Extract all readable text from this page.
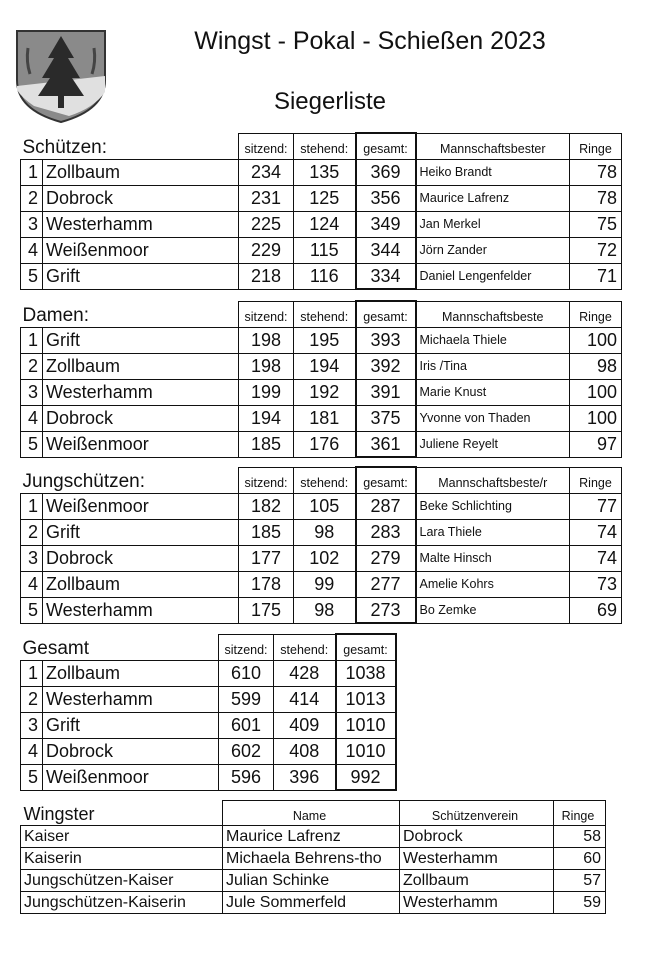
Wingst - Pokal - Schießen 2023
Siegerliste
Schützen:		sitzend:	stehend:	gesamt:	Mannschaftsbester	Ringe
1	Zollbaum	234	135	369	Heiko Brandt	78
2	Dobrock	231	125	356	Maurice Lafrenz	78
3	Westerhamm	225	124	349	Jan Merkel	75
4	Weißenmoor	229	115	344	Jörn Zander	72
5	Grift	218	116	334	Daniel Lengenfelder	71
Damen:		sitzend:	stehend:	gesamt:	Mannschaftsbeste	Ringe
1	Grift	198	195	393	Michaela Thiele	100
2	Zollbaum	198	194	392	Iris /Tina	98
3	Westerhamm	199	192	391	Marie Knust	100
4	Dobrock	194	181	375	Yvonne von Thaden	100
5	Weißenmoor	185	176	361	Juliene Reyelt	97
Jungschützen:		sitzend:	stehend:	gesamt:	Mannschaftsbeste/r	Ringe
1	Weißenmoor	182	105	287	Beke Schlichting	77
2	Grift	185	98	283	Lara Thiele	74
3	Dobrock	177	102	279	Malte Hinsch	74
4	Zollbaum	178	99	277	Amelie Kohrs	73
5	Westerhamm	175	98	273	Bo Zemke	69
Gesamt		sitzend:	stehend:	gesamt:
1	Zollbaum	610	428	1038
2	Westerhamm	599	414	1013
3	Grift	601	409	1010
4	Dobrock	602	408	1010
5	Weißenmoor	596	396	992
Wingster	Name	Schützenverein	Ringe
Kaiser	Maurice Lafrenz	Dobrock	58
Kaiserin	Michaela Behrens-tho	Westerhamm	60
Jungschützen-Kaiser	Julian Schinke	Zollbaum	57
Jungschützen-Kaiserin	Jule Sommerfeld	Westerhamm	59
